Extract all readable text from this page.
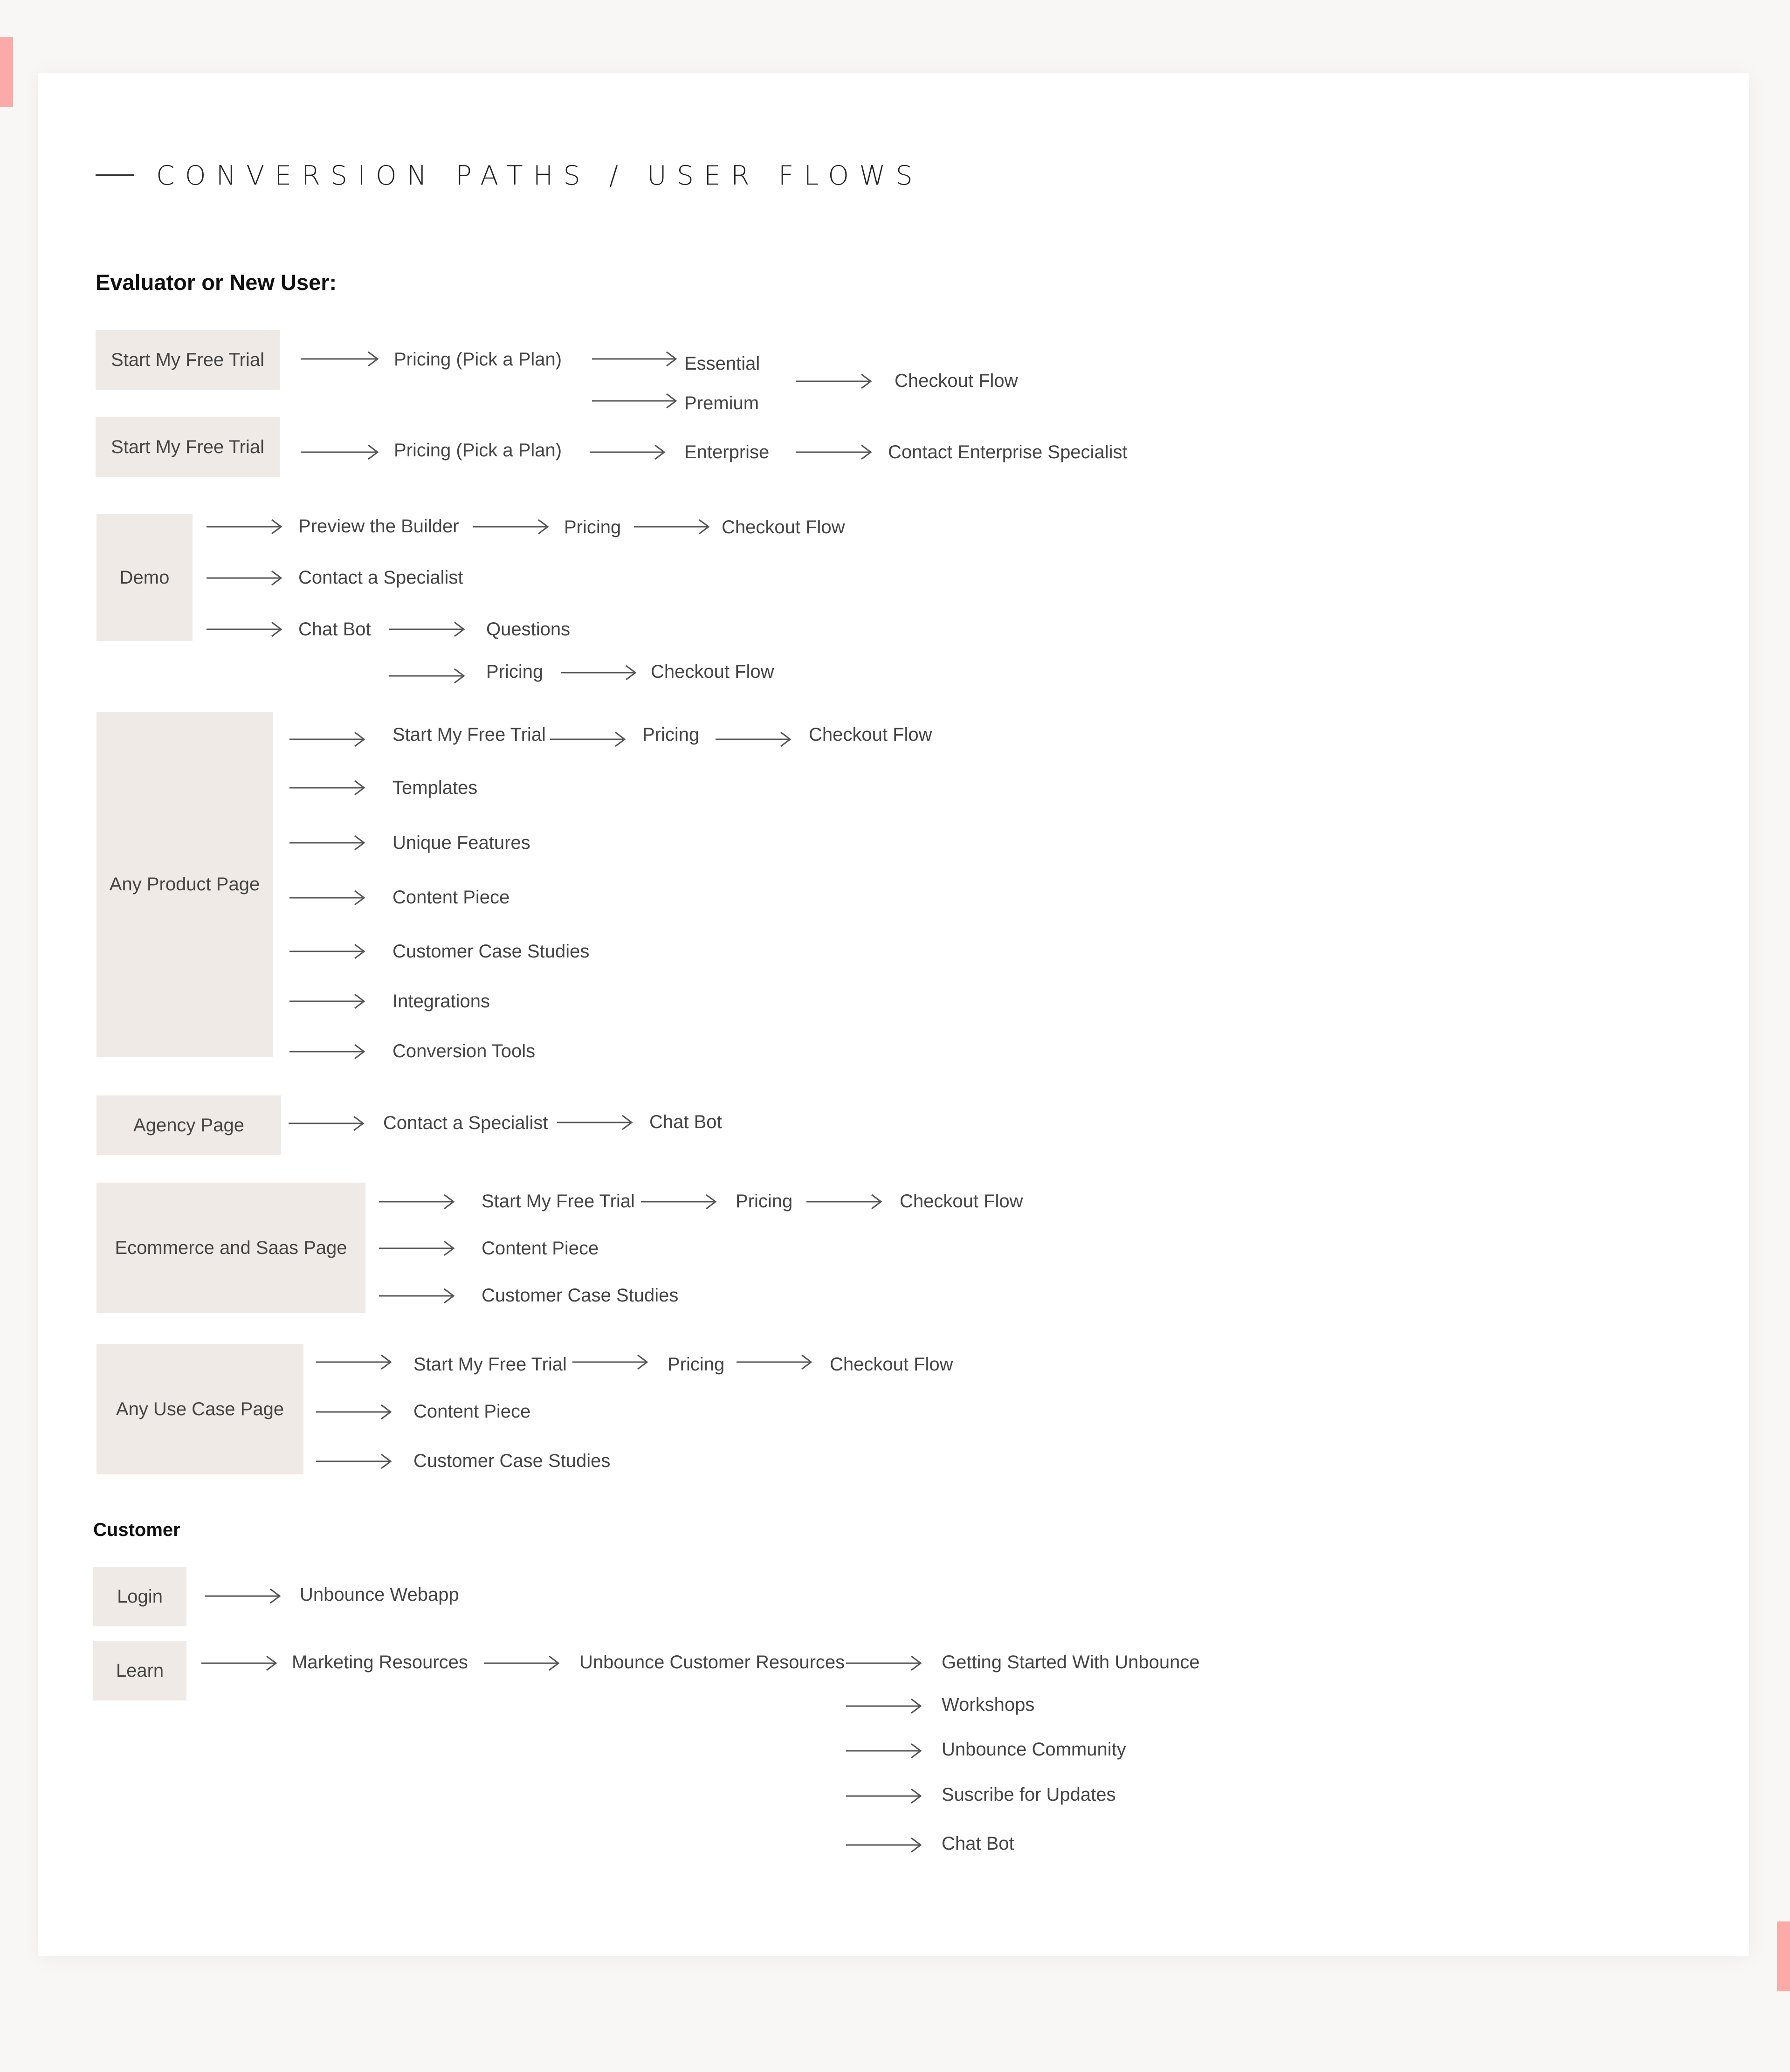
CONVERSION PATHS / USER FLOWS
Evaluator or New User:
Customer
Start My Free Trial	Pricing (Pick a Plan)	Essential
Premium
Checkout Flow
Start My Free Trial	Pricing (Pick a Plan)	Enterprise	Contact Enterprise Specialist
Demo
Preview the Builder	Pricing	Checkout Flow
Contact a Specialist
Chat Bot	Questions
Pricing	Checkout Flow
Any Product Page
Start My Free Trial	Pricing	Checkout Flow
Templates
Unique Features
Content Piece
Customer Case Studies
Integrations
Conversion Tools
Agency Page	Contact a Specialist	Chat Bot
Ecommerce and Saas Page
Start My Free Trial	Pricing	Checkout Flow
Content Piece
Customer Case Studies
Any Use Case Page
Start My Free Trial	Pricing	Checkout Flow
Content Piece
Customer Case Studies
Login	Unbounce Webapp
Learn	Marketing Resources	Unbounce Customer Resources	Getting Started With Unbounce
Workshops
Unbounce Community
Suscribe for Updates
Chat Bot
